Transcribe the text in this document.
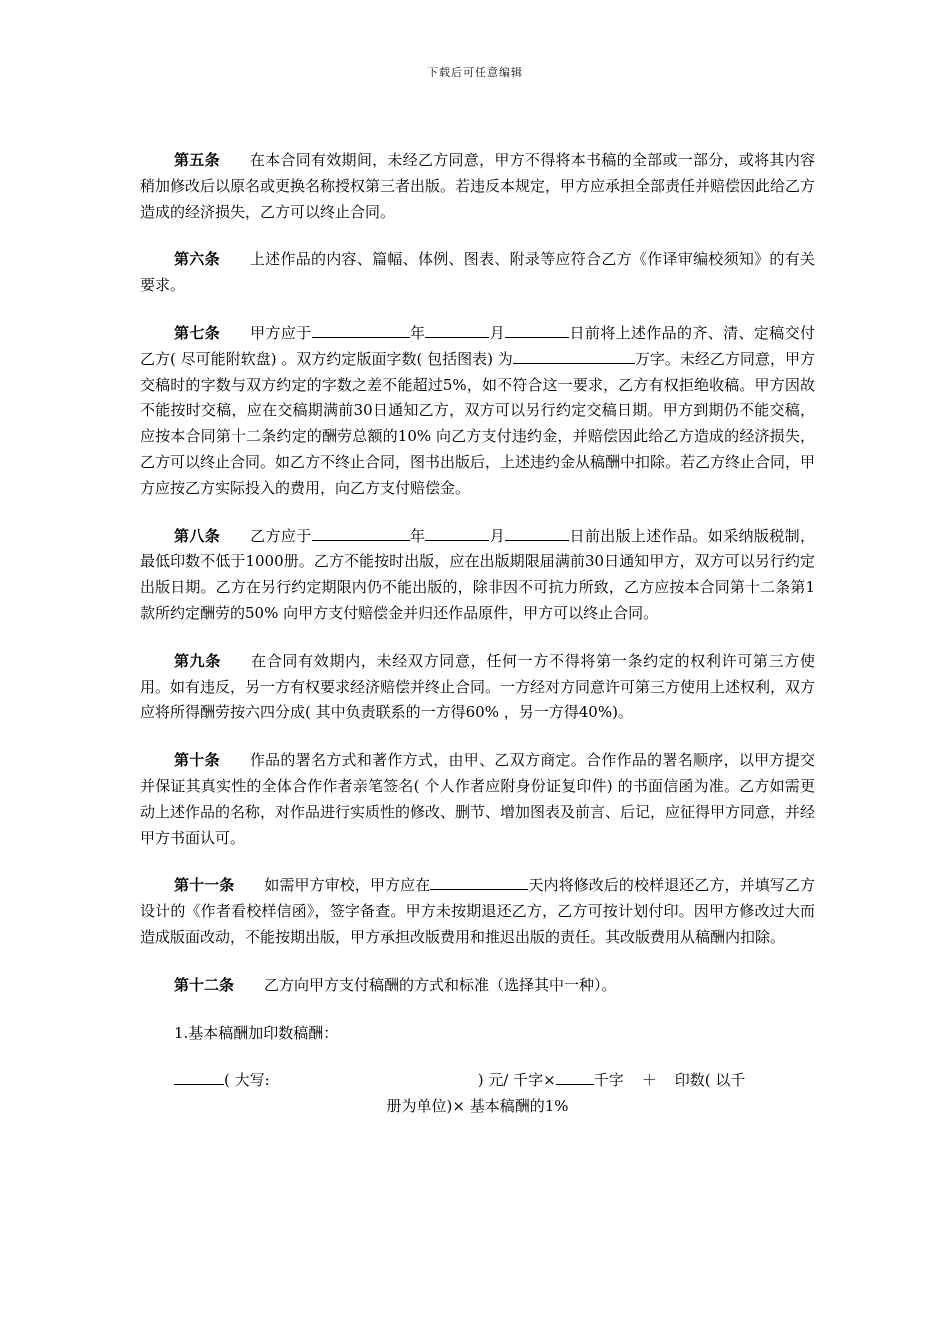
下载后可任意编辑

第五条 在本合同有效期间，未经乙方同意，甲方不得将本书稿的全部或一部分，或将其内容稍加修改后以原名或更换名称授权第三者出版。若违反本规定，甲方应承担全部责任并赔偿因此给乙方造成的经济损失，乙方可以终止合同。

第六条 上述作品的内容、篇幅、体例、图表、附录等应符合乙方《作译审编校须知》的有关要求。

第七条 甲方应于	年	月	日前将上述作品的齐、清、定稿交付乙方( 尽可能附软盘) 。双方约定版面字数( 包括图表) 为	万字。未经乙方同意，甲方交稿时的字数与双方约定的字数之差不能超过5%，如不符合这一要求，乙方有权拒绝收稿。甲方因故不能按时交稿，应在交稿期满前30日通知乙方，双方可以另行约定交稿日期。甲方到期仍不能交稿，应按本合同第十二条约定的酬劳总额的10% 向乙方支付违约金，并赔偿因此给乙方造成的经济损失，乙方可以终止合同。如乙方不终止合同，图书出版后，上述违约金从稿酬中扣除。若乙方终止合同，甲方应按乙方实际投入的费用，向乙方支付赔偿金。

第八条 乙方应于	年	月	日前出版上述作品。如采纳版税制，最低印数不低于1000册。乙方不能按时出版，应在出版期限届满前30日通知甲方，双方可以另行约定出版日期。乙方在另行约定期限内仍不能出版的，除非因不可抗力所致，乙方应按本合同第十二条第1 款所约定酬劳的50% 向甲方支付赔偿金并归还作品原件，甲方可以终止合同。

第九条 在合同有效期内，未经双方同意，任何一方不得将第一条约定的权利许可第三方使用。如有违反，另一方有权要求经济赔偿并终止合同。一方经对方同意许可第三方使用上述权利，双方应将所得酬劳按六四分成( 其中负责联系的一方得60% ，另一方得40%)。

第十条 作品的署名方式和著作方式，由甲、乙双方商定。合作作品的署名顺序，以甲方提交并保证其真实性的全体合作作者亲笔签名( 个人作者应附身份证复印件) 的书面信函为准。乙方如需更动上述作品的名称，对作品进行实质性的修改、删节、增加图表及前言、后记，应征得甲方同意，并经甲方书面认可。

第十一条 如需甲方审校，甲方应在	天内将修改后的校样退还乙方，并填写乙方设计的《作者看校样信函》，签字备查。甲方未按期退还乙方，乙方可按计划付印。因甲方修改过大而造成版面改动，不能按期出版，甲方承担改版费用和推迟出版的责任。其改版费用从稿酬内扣除。

第十二条 乙方向甲方支付稿酬的方式和标准（选择其中一种）。

1.基本稿酬加印数稿酬：

( 大写:	) 元/ 千字×	千字 ＋ 印数( 以千
册为单位)× 基本稿酬的1%
